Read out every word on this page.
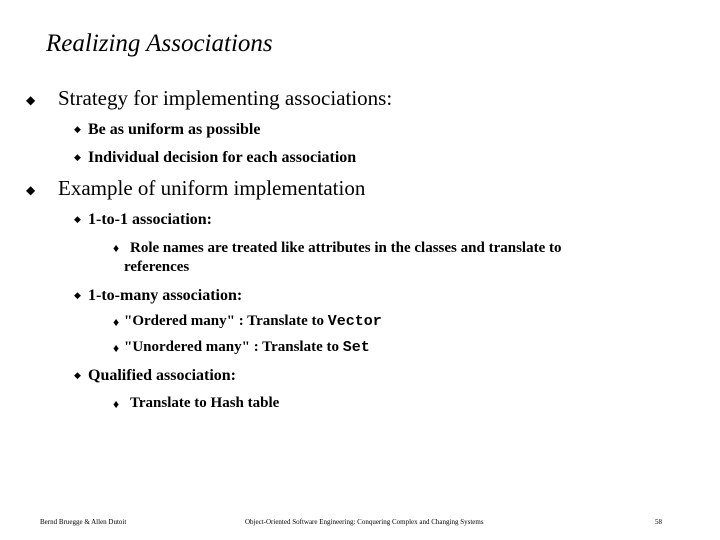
Realizing Associations
◆ Strategy for implementing associations:
◆ Be as uniform as possible
◆ Individual decision for each association
◆ Example of uniform implementation
◆ 1-to-1 association:
♦ Role names are treated like attributes in the classes and translate to
references
◆ 1-to-many association:
♦ "Ordered many" : Translate to Vector
♦ "Unordered many" : Translate to Set
◆ Qualified association:
♦ Translate to Hash table
Bernd Bruegge & Allen Dutoit	Object-Oriented Software Engineering: Conquering Complex and Changing Systems	58
